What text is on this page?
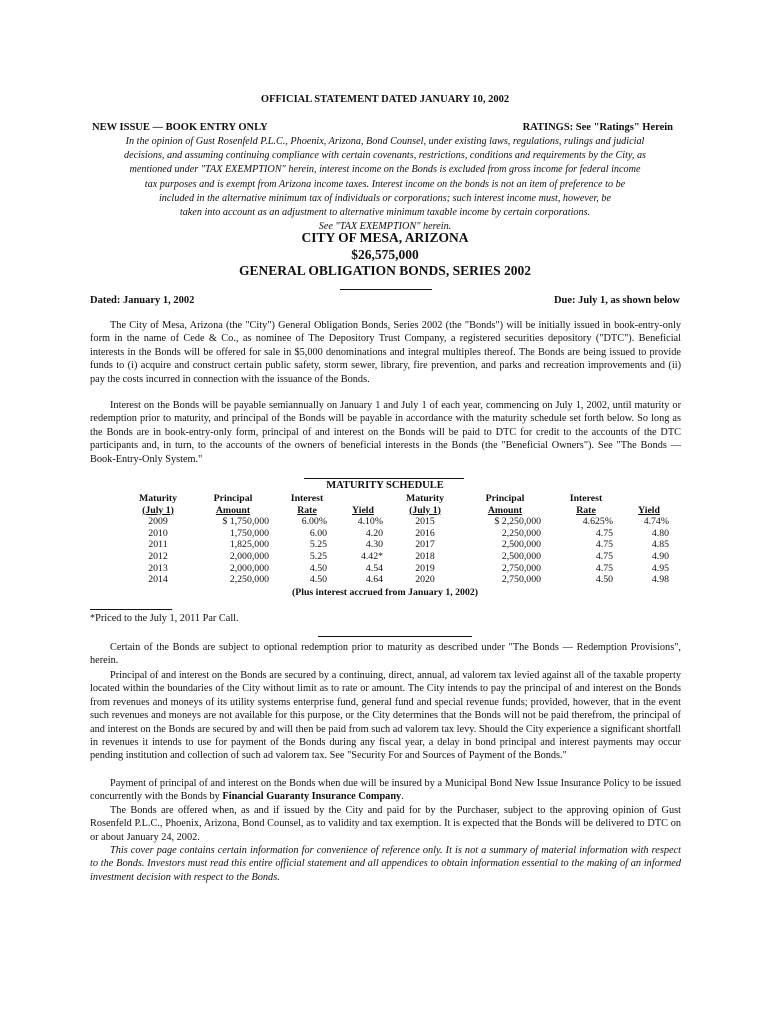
OFFICIAL STATEMENT DATED JANUARY 10, 2002
NEW ISSUE — BOOK ENTRY ONLY	RATINGS: See "Ratings" Herein
In the opinion of Gust Rosenfeld P.L.C., Phoenix, Arizona, Bond Counsel, under existing laws, regulations, rulings and judicial
decisions, and assuming continuing compliance with certain covenants, restrictions, conditions and requirements by the City, as
mentioned under "TAX EXEMPTION" herein, interest income on the Bonds is excluded from gross income for federal income
tax purposes and is exempt from Arizona income taxes. Interest income on the bonds is not an item of preference to be
included in the alternative minimum tax of individuals or corporations; such interest income must, however, be
taken into account as an adjustment to alternative minimum taxable income by certain corporations.
See "TAX EXEMPTION" herein.
CITY OF MESA, ARIZONA
$26,575,000
GENERAL OBLIGATION BONDS, SERIES 2002
Dated: January 1, 2002	Due: July 1, as shown below
The City of Mesa, Arizona (the "City") General Obligation Bonds, Series 2002 (the "Bonds") will be initially issued in book-entry-only form in the name of Cede & Co., as nominee of The Depository Trust Company, a registered securities depository ("DTC"). Beneficial interests in the Bonds will be offered for sale in $5,000 denominations and integral multiples thereof. The Bonds are being issued to provide funds to (i) acquire and construct certain public safety, storm sewer, library, fire prevention, and parks and recreation improvements and (ii) pay the costs incurred in connection with the issuance of the Bonds.
Interest on the Bonds will be payable semiannually on January 1 and July 1 of each year, commencing on July 1, 2002, until maturity or redemption prior to maturity, and principal of the Bonds will be payable in accordance with the maturity schedule set forth below. So long as the Bonds are in book-entry-only form, principal of and interest on the Bonds will be paid to DTC for credit to the accounts of the DTC participants and, in turn, to the accounts of the owners of beneficial interests in the Bonds (the "Beneficial Owners"). See "The Bonds — Book-Entry-Only System."
MATURITY SCHEDULE
Maturity	Principal	Interest		Maturity	Principal	Interest	
(July 1)	Amount	Rate	Yield	(July 1)	Amount	Rate	Yield
2009	$ 1,750,000	6.00%	4.10%	2015	$ 2,250,000	4.625%	4.74%
2010	1,750,000	6.00	4.20	2016	2,250,000	4.75	4.80
2011	1,825,000	5.25	4.30	2017	2,500,000	4.75	4.85
2012	2,000,000	5.25	4.42*	2018	2,500,000	4.75	4.90
2013	2,000,000	4.50	4.54	2019	2,750,000	4.75	4.95
2014	2,250,000	4.50	4.64	2020	2,750,000	4.50	4.98
(Plus interest accrued from January 1, 2002)
*Priced to the July 1, 2011 Par Call.
Certain of the Bonds are subject to optional redemption prior to maturity as described under "The Bonds — Redemption Provisions", herein.
Principal of and interest on the Bonds are secured by a continuing, direct, annual, ad valorem tax levied against all of the taxable property located within the boundaries of the City without limit as to rate or amount. The City intends to pay the principal of and interest on the Bonds from revenues and moneys of its utility systems enterprise fund, general fund and special revenue funds; provided, however, that in the event such revenues and moneys are not available for this purpose, or the City determines that the Bonds will not be paid therefrom, the principal of and interest on the Bonds are secured by and will then be paid from such ad valorem tax levy. Should the City experience a significant shortfall in revenues it intends to use for payment of the Bonds during any fiscal year, a delay in bond principal and interest payments may occur pending institution and collection of such ad valorem tax. See "Security For and Sources of Payment of the Bonds."
Payment of principal of and interest on the Bonds when due will be insured by a Municipal Bond New Issue Insurance Policy to be issued concurrently with the Bonds by Financial Guaranty Insurance Company.
The Bonds are offered when, as and if issued by the City and paid for by the Purchaser, subject to the approving opinion of Gust Rosenfeld P.L.C., Phoenix, Arizona, Bond Counsel, as to validity and tax exemption. It is expected that the Bonds will be delivered to DTC on or about January 24, 2002.
This cover page contains certain information for convenience of reference only. It is not a summary of material information with respect to the Bonds. Investors must read this entire official statement and all appendices to obtain information essential to the making of an informed investment decision with respect to the Bonds.
